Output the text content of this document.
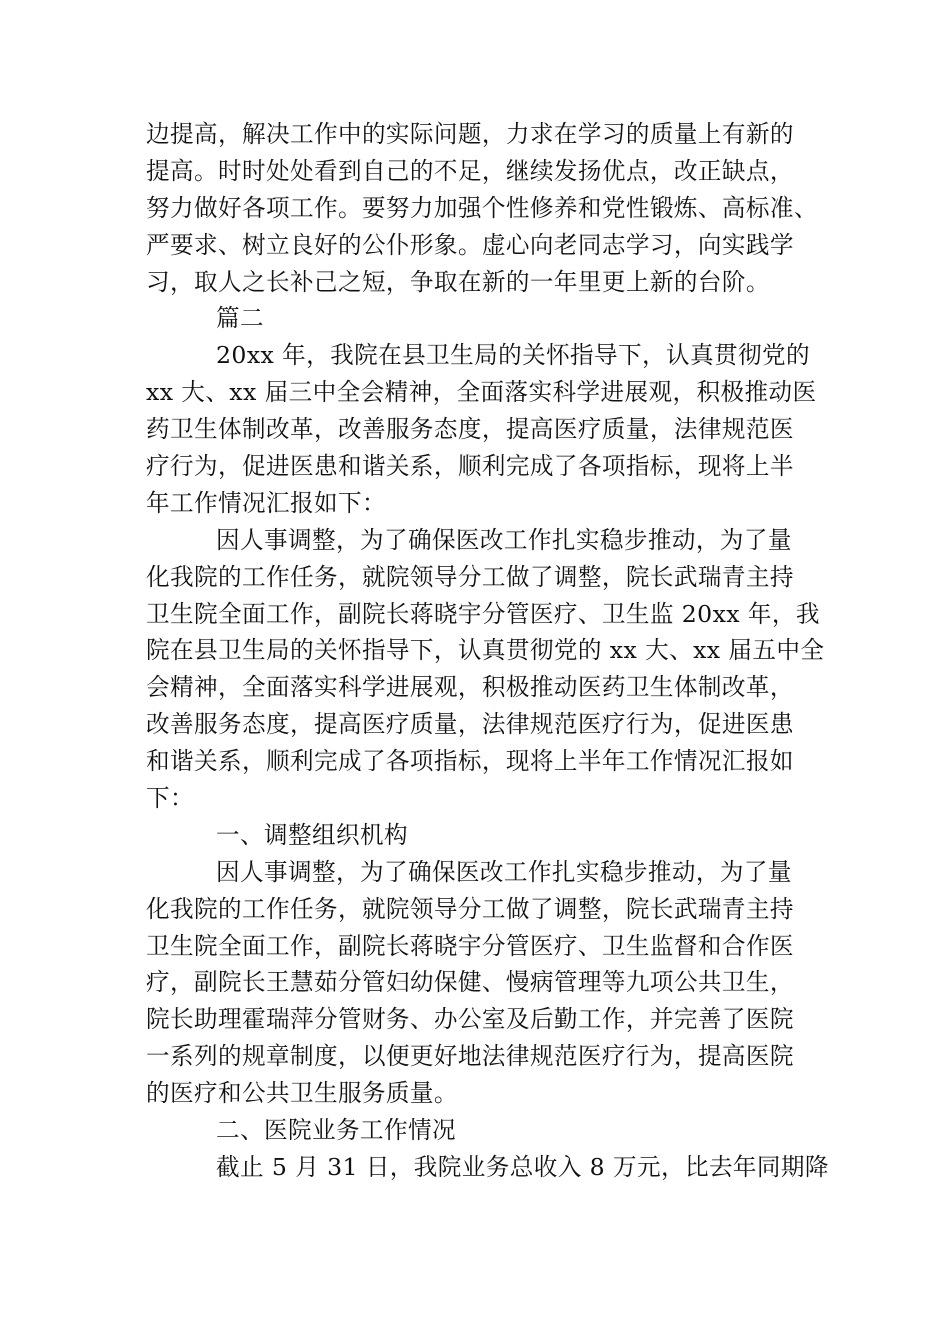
边提高，解决工作中的实际问题，力求在学习的质量上有新的
提高。时时处处看到自己的不足，继续发扬优点，改正缺点，
努力做好各项工作。要努力加强个性修养和党性锻炼、高标准、
严要求、树立良好的公仆形象。虚心向老同志学习，向实践学
习，取人之长补己之短，争取在新的一年里更上新的台阶。
篇二
20xx 年，我院在县卫生局的关怀指导下，认真贯彻党的
xx 大、xx 届三中全会精神，全面落实科学进展观，积极推动医
药卫生体制改革，改善服务态度，提高医疗质量，法律规范医
疗行为，促进医患和谐关系，顺利完成了各项指标，现将上半
年工作情况汇报如下：
因人事调整，为了确保医改工作扎实稳步推动，为了量
化我院的工作任务，就院领导分工做了调整，院长武瑞青主持
卫生院全面工作，副院长蒋晓宇分管医疗、卫生监 20xx 年，我
院在县卫生局的关怀指导下，认真贯彻党的 xx 大、xx 届五中全
会精神，全面落实科学进展观，积极推动医药卫生体制改革，
改善服务态度，提高医疗质量，法律规范医疗行为，促进医患
和谐关系，顺利完成了各项指标，现将上半年工作情况汇报如
下：
一、调整组织机构
因人事调整，为了确保医改工作扎实稳步推动，为了量
化我院的工作任务，就院领导分工做了调整，院长武瑞青主持
卫生院全面工作，副院长蒋晓宇分管医疗、卫生监督和合作医
疗，副院长王慧茹分管妇幼保健、慢病管理等九项公共卫生，
院长助理霍瑞萍分管财务、办公室及后勤工作，并完善了医院
一系列的规章制度，以便更好地法律规范医疗行为，提高医院
的医疗和公共卫生服务质量。
二、医院业务工作情况
截止 5 月 31 日，我院业务总收入 8 万元，比去年同期降
